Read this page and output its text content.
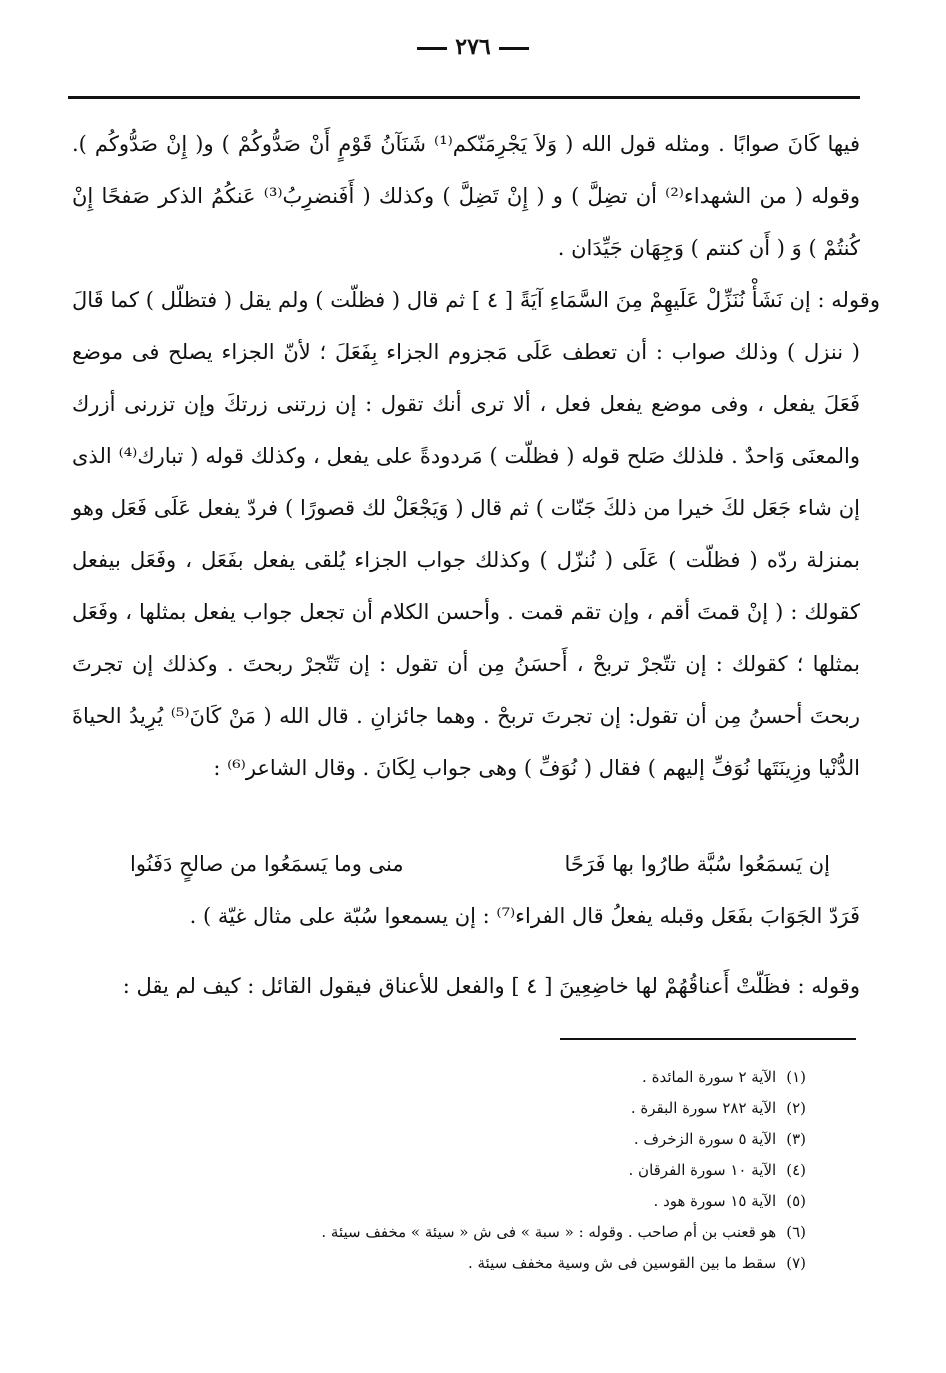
٢٧٦

فيها كَانَ صوابًا . ومثله قول الله ( وَلاَ يَجْرِمَنّكم⁽¹⁾ شَنَآنُ قَوْمٍ أَنْ صَدُّوكُمْ ) و( إِنْ صَدُّوكُم ). وقوله ( من الشهداء⁽²⁾ أن تضِلَّ ) و ( إِنْ تَضِلَّ ) وكذلك ( أَفَنضرِبُ⁽³⁾ عَنكُمُ الذكر صَفحًا إِنْ كُنتُمْ ) وَ ( أَن كنتم ) وَجِهَان جَيِّدَان .

وقوله : إن نَشَأْ نُنَزِّلْ عَلَيهِمْ مِنَ السَّمَاءِ آيَةً [ ٤ ] ثم قال ( فظلّت ) ولم يقل ( فتظلّل ) كما قَالَ ( ننزل ) وذلك صواب : أن تعطف عَلَى مَجزوم الجزاء بِفَعَلَ ؛ لأنّ الجزاء يصلح فى موضع فَعَلَ يفعل ، وفى موضع يفعل فعل ، ألا ترى أنك تقول : إن زرتنى زرتكَ وإن تزرنى أزرك والمعنَى وَاحدٌ . فلذلك صَلح قوله ( فظلّت ) مَردودةً على يفعل ، وكذلك قوله ( تبارك⁽⁴⁾ الذى إن شاء جَعَل لكَ خيرا من ذلكَ جَنّات ) ثم قال ( وَيَجْعَلْ لك قصورًا ) فردّ يفعل عَلَى فَعَل وهو بمنزلة ردّه ( فظلّت ) عَلَى ( نُنزّل ) وكذلك جواب الجزاء يُلقى يفعل بفَعَل ، وفَعَل بيفعل كقولك : ( إنْ قمتَ أقم ، وإن تقم قمت . وأحسن الكلام أن تجعل جواب يفعل بمثلها ، وفَعَل بمثلها ؛ كقولك : إن تتّجرْ تربحْ ، أَحسَنُ مِن أن تقول : إن تَتّجرْ ربحتَ . وكذلك إن تجرتَ ربحتَ أحسنُ مِن أن تقول: إن تجرتَ تربحْ . وهما جائزانِ . قال الله ( مَنْ كَانَ⁽⁵⁾ يُرِيدُ الحياةَ الدُّنْيا وزِينَتَها نُوَفِّ إليهم ) فقال ( نُوَفِّ ) وهى جواب لِكَانَ . وقال الشاعر⁽⁶⁾ :

إن يَسمَعُوا سُبَّة طارُوا بها فَرَحًا
منى وما يَسمَعُوا من صالحٍ دَفَنُوا
فَرَدّ الجَوَابَ بفَعَل وقبله يفعلُ قال الفراء⁽⁷⁾ : إن يسمعوا سُبّة على مثال غيّة ) .
وقوله : فظَلّتْ أَعناقُهُمْ لها خاضِعِينَ [ ٤ ] والفعل للأعناق فيقول القائل : كيف لم يقل :
(١)الآية ٢ سورة المائدة .
(٢)الآية ٢٨٢ سورة البقرة .
(٣)الآية ٥ سورة الزخرف .
(٤)الآية ١٠ سورة الفرقان .
(٥)الآية ١٥ سورة هود .
(٦)هو قعنب بن أم صاحب . وقوله : « سبة » فى ش « سيئة » مخفف سيئة .
(٧)سقط ما بين القوسين فى ش وسية مخفف سيئة .
